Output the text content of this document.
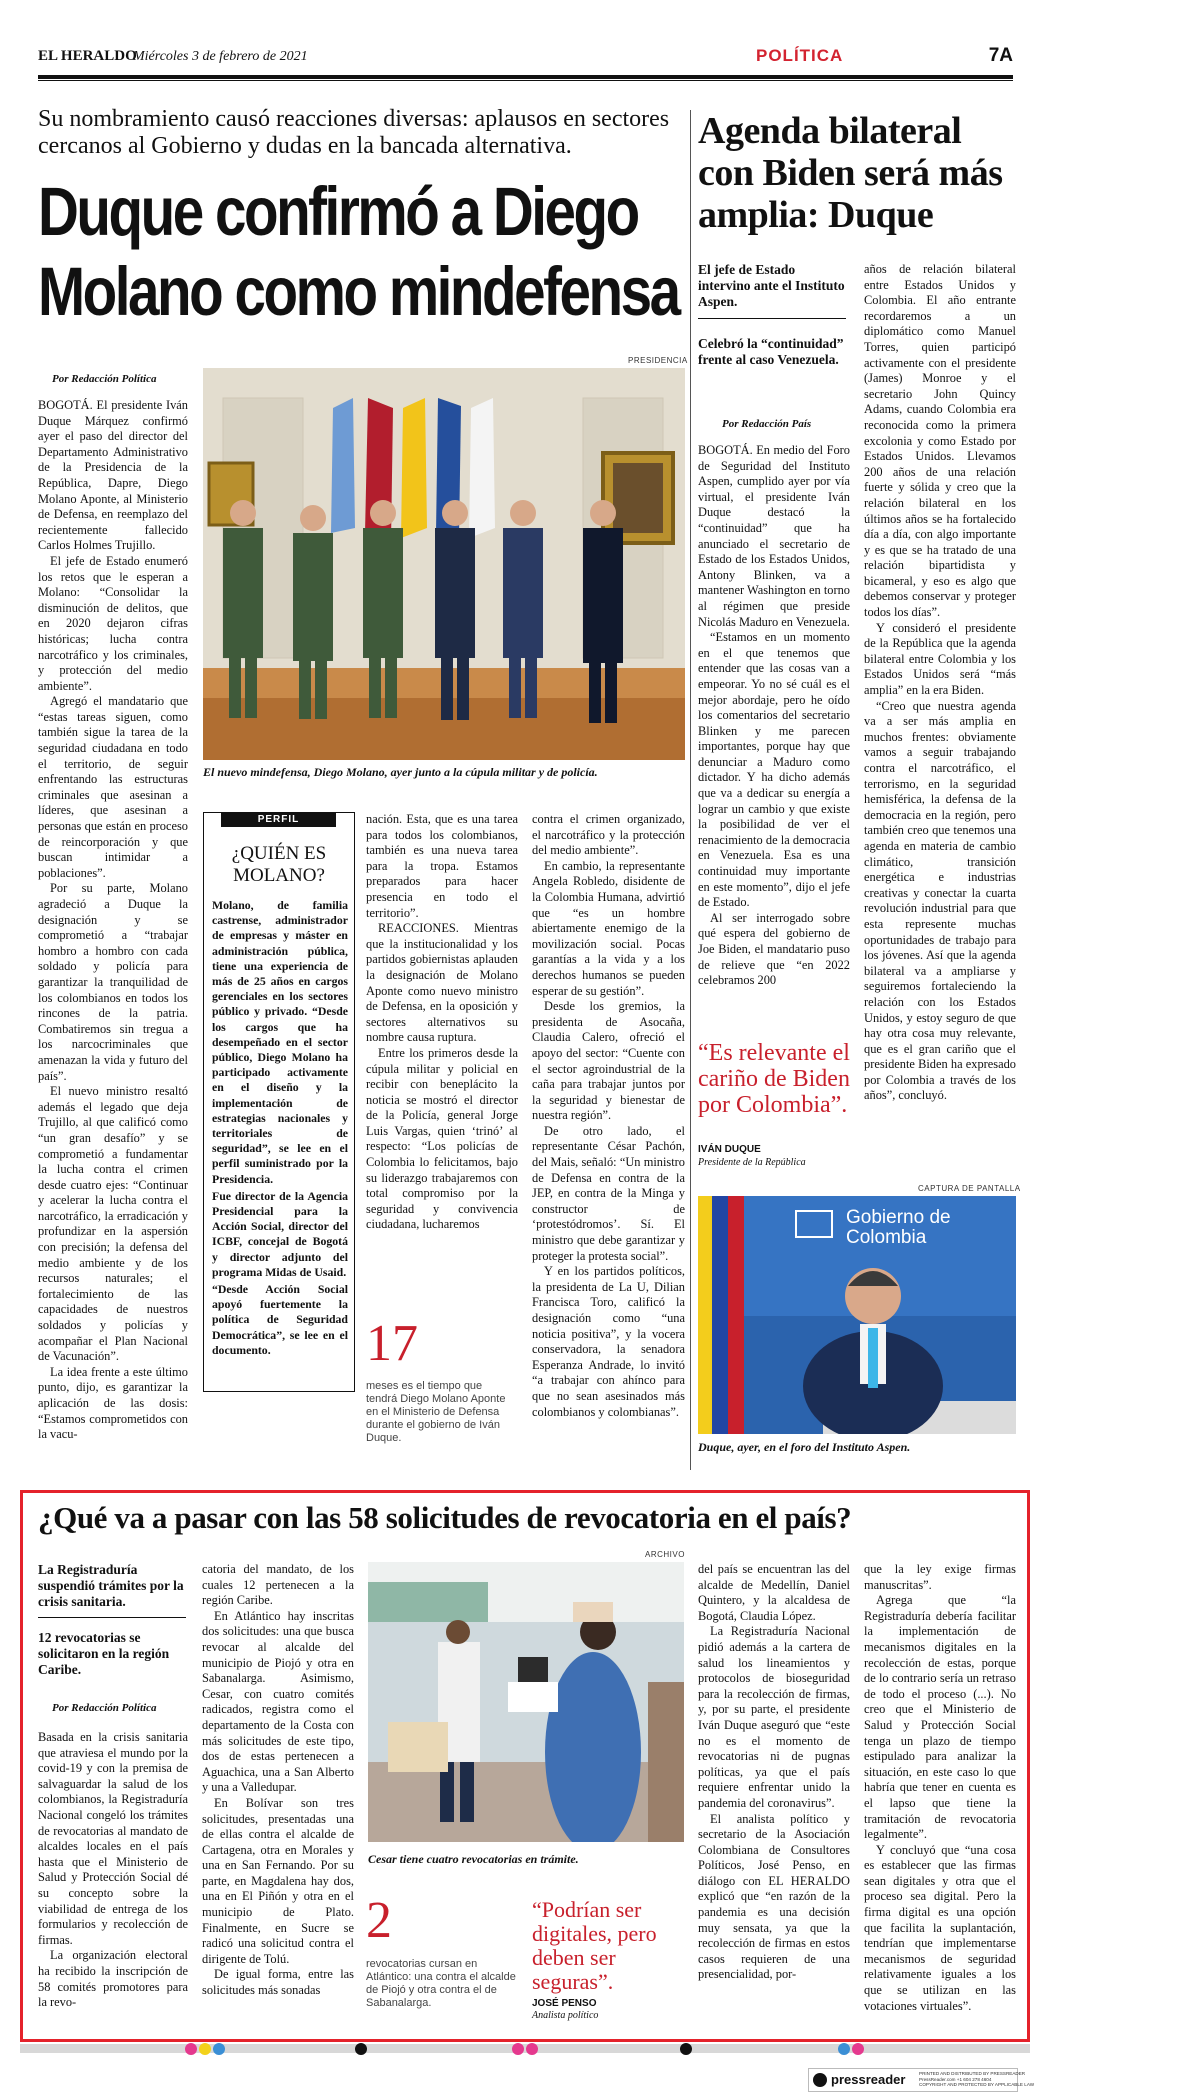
EL HERALDO
Miércoles 3 de febrero de 2021	POLÍTICA	7A
Su nombramiento causó reacciones diversas: aplausos en sectores cercanos al Gobierno y dudas en la bancada alternativa.
Duque confirmó a Diego
Molano como mindefensa
Por Redacción Política
PRESIDENCIA
El nuevo mindefensa, Diego Molano, ayer junto a la cúpula militar y de policía.

BOGOTÁ. El presidente Iván Duque Márquez confirmó ayer el paso del director del Departamento Administrativo de la Presidencia de la República, Dapre, Diego Molano Aponte, al Ministerio de Defensa, en reemplazo del recientemente fallecido Carlos Holmes Trujillo.

El jefe de Estado enumeró los retos que le esperan a Molano: “Consolidar la disminución de delitos, que en 2020 dejaron cifras históricas; lucha contra narcotráfico y los criminales, y protección del medio ambiente”.

Agregó el mandatario que “estas tareas siguen, como también sigue la tarea de la seguridad ciudadana en todo el territorio, de seguir enfrentando las estructuras criminales que asesinan a líderes, que asesinan a personas que están en proceso de reincorporación y que buscan intimidar a poblaciones”.

Por su parte, Molano agradeció a Duque la designación y se comprometió a “trabajar hombro a hombro con cada soldado y policía para garantizar la tranquilidad de los colombianos en todos los rincones de la patria. Combatiremos sin tregua a los narcocriminales que amenazan la vida y futuro del país”.

El nuevo ministro resaltó además el legado que deja Trujillo, al que calificó como “un gran desafío” y se comprometió a fundamentar la lucha contra el crimen desde cuatro ejes: “Continuar y acelerar la lucha contra el narcotráfico, la erradicación y profundizar en la aspersión con precisión; la defensa del medio ambiente y de los recursos naturales; el fortalecimiento de las capacidades de nuestros soldados y policías y acompañar el Plan Nacional de Vacunación”.

La idea frente a este último punto, dijo, es garantizar la aplicación de las dosis: “Estamos comprometidos con la vacu-

PERFIL
¿QUIÉN ES MOLANO?
Molano, de familia castrense, administrador de empresas y máster en administración pública, tiene una experiencia de más de 25 años en cargos gerenciales en los sectores público y privado. “Desde los cargos que ha desempeñado en el sector público, Diego Molano ha participado activamente en el diseño y la implementación de estrategias nacionales y territoriales de seguridad”, se lee en el perfil suministrado por la Presidencia.
Fue director de la Agencia Presidencial para la Acción Social, director del ICBF, concejal de Bogotá y director adjunto del programa Midas de Usaid.
“Desde Acción Social apoyó fuertemente la política de Seguridad Democrática”, se lee en el documento.

nación. Esta, que es una tarea para todos los colombianos, también es una nueva tarea para la tropa. Estamos preparados para hacer presencia en todo el territorio”.

REACCIONES. Mientras que la institucionalidad y los partidos gobiernistas aplauden la designación de Molano Aponte como nuevo ministro de Defensa, en la oposición y sectores alternativos su nombre causa ruptura.

Entre los primeros desde la cúpula militar y policial en recibir con beneplácito la noticia se mostró el director de la Policía, general Jorge Luis Vargas, quien ‘trinó’ al respecto: “Los policías de Colombia lo felicitamos, bajo su liderazgo trabajaremos con total compromiso por la seguridad y convivencia ciudadana, lucharemos

17
meses es el tiempo que tendrá Diego Molano Aponte en el Ministerio de Defensa durante el gobierno de Iván Duque.

contra el crimen organizado, el narcotráfico y la protección del medio ambiente”.

En cambio, la representante Angela Robledo, disidente de la Colombia Humana, advirtió que “es un hombre abiertamente enemigo de la movilización social. Pocas garantías a la vida y a los derechos humanos se pueden esperar de su gestión”.

Desde los gremios, la presidenta de Asocaña, Claudia Calero, ofreció el apoyo del sector: “Cuente con el sector agroindustrial de la caña para trabajar juntos por la seguridad y bienestar de nuestra región”.

De otro lado, el representante César Pachón, del Mais, señaló: “Un ministro de Defensa en contra de la JEP, en contra de la Minga y constructor de ‘protestódromos’. Sí. El ministro que debe garantizar y proteger la protesta social”.

Y en los partidos políticos, la presidenta de La U, Dilian Francisca Toro, calificó la designación como “una noticia positiva”, y la vocera conservadora, la senadora Esperanza Andrade, lo invitó “a trabajar con ahínco para que no sean asesinados más colombianos y colombianas”.

Agenda bilateral con Biden será más amplia: Duque
El jefe de Estado intervino ante el Instituto Aspen.
Celebró la “continuidad” frente al caso Venezuela.
Por Redacción País

BOGOTÁ. En medio del Foro de Seguridad del Instituto Aspen, cumplido ayer por vía virtual, el presidente Iván Duque destacó la “continuidad” que ha anunciado el secretario de Estado de los Estados Unidos, Antony Blinken, va a mantener Washington en torno al régimen que preside Nicolás Maduro en Venezuela.

“Estamos en un momento en el que tenemos que entender que las cosas van a empeorar. Yo no sé cuál es el mejor abordaje, pero he oído los comentarios del secretario Blinken y me parecen importantes, porque hay que denunciar a Maduro como dictador. Y ha dicho además que va a dedicar su energía a lograr un cambio y que existe la posibilidad de ver el renacimiento de la democracia en Venezuela. Esa es una continuidad muy importante en este momento”, dijo el jefe de Estado.

Al ser interrogado sobre qué espera del gobierno de Joe Biden, el mandatario puso de relieve que “en 2022 celebramos 200

años de relación bilateral entre Estados Unidos y Colombia. El año entrante recordaremos a un diplomático como Manuel Torres, quien participó activamente con el presidente (James) Monroe y el secretario John Quincy Adams, cuando Colombia era reconocida como la primera excolonia y como Estado por Estados Unidos. Llevamos 200 años de una relación fuerte y sólida y creo que la relación bilateral en los últimos años se ha fortalecido día a día, con algo importante y es que se ha tratado de una relación bipartidista y bicameral, y eso es algo que debemos conservar y proteger todos los días”.

Y consideró el presidente de la República que la agenda bilateral entre Colombia y los Estados Unidos será “más amplia” en la era Biden.

“Creo que nuestra agenda va a ser más amplia en muchos frentes: obviamente vamos a seguir trabajando contra el narcotráfico, el terrorismo, en la seguridad hemisférica, la defensa de la democracia en la región, pero también creo que tenemos una agenda en materia de cambio climático, transición energética e industrias creativas y conectar la cuarta revolución industrial para que esta represente muchas oportunidades de trabajo para los jóvenes. Así que la agenda bilateral va a ampliarse y seguiremos fortaleciendo la relación con los Estados Unidos, y estoy seguro de que hay otra cosa muy relevante, que es el gran cariño que el presidente Biden ha expresado por Colombia a través de los años”, concluyó.

“Es relevante el cariño de Biden por Colombia”.
IVÁN DUQUE
Presidente de la República
CAPTURA DE PANTALLA
Gobierno de Colombia
Duque, ayer, en el foro del Instituto Aspen.
¿Qué va a pasar con las 58 solicitudes de revocatoria en el país?
La Registraduría suspendió trámites por la crisis sanitaria.
12 revocatorias se solicitaron en la región Caribe.
Por Redacción Política

Basada en la crisis sanitaria que atraviesa el mundo por la covid-19 y con la premisa de salvaguardar la salud de los colombianos, la Registraduría Nacional congeló los trámites de revocatorias al mandato de alcaldes locales en el país hasta que el Ministerio de Salud y Protección Social dé su concepto sobre la viabilidad de entrega de los formularios y recolección de firmas.

La organización electoral ha recibido la inscripción de 58 comités promotores para la revo-

catoria del mandato, de los cuales 12 pertenecen a la región Caribe.

En Atlántico hay inscritas dos solicitudes: una que busca revocar al alcalde del municipio de Piojó y otra en Sabanalarga. Asimismo, Cesar, con cuatro comités radicados, registra como el departamento de la Costa con más solicitudes de este tipo, dos de estas pertenecen a Aguachica, una a San Alberto y una a Valledupar.

En Bolívar son tres solicitudes, presentadas una de ellas contra el alcalde de Cartagena, otra en Morales y una en San Fernando. Por su parte, en Magdalena hay dos, una en El Piñón y otra en el municipio de Plato. Finalmente, en Sucre se radicó una solicitud contra el dirigente de Tolú.

De igual forma, entre las solicitudes más sonadas

ARCHIVO
Cesar tiene cuatro revocatorias en trámite.
2
revocatorias cursan en Atlántico: una contra el alcalde de Piojó y otra contra el de Sabanalarga.
“Podrían ser digitales, pero deben ser seguras”.
JOSÉ PENSO
Analista político

del país se encuentran las del alcalde de Medellín, Daniel Quintero, y la alcaldesa de Bogotá, Claudia López.

La Registraduría Nacional pidió además a la cartera de salud los lineamientos y protocolos de bioseguridad para la recolección de firmas, y, por su parte, el presidente Iván Duque aseguró que “este no es el momento de revocatorias ni de pugnas políticas, ya que el país requiere enfrentar unido la pandemia del coronavirus”.

El analista político y secretario de la Asociación Colombiana de Consultores Políticos, José Penso, en diálogo con EL HERALDO explicó que “en razón de la pandemia es una decisión muy sensata, ya que la recolección de firmas en estos casos requieren de una presencialidad, por-

que la ley exige firmas manuscritas”.

Agrega que “la Registraduría debería facilitar la implementación de mecanismos digitales en la recolección de estas, porque de lo contrario sería un retraso de todo el proceso (...). No creo que el Ministerio de Salud y Protección Social tenga un plazo de tiempo estipulado para analizar la situación, en este caso lo que habría que tener en cuenta es el lapso que tiene la tramitación de revocatoria legalmente”.

Y concluyó que “una cosa es establecer que las firmas sean digitales y otra que el proceso sea digital. Pero la firma digital es una opción que facilita la suplantación, tendrían que implementarse mecanismos de seguridad relativamente iguales a los que se utilizan en las votaciones virtuales”.

pressreader	PRINTED AND DISTRIBUTED BY PRESSREADER
PressReader.com +1 604 278 4604
COPYRIGHT AND PROTECTED BY APPLICABLE LAW
